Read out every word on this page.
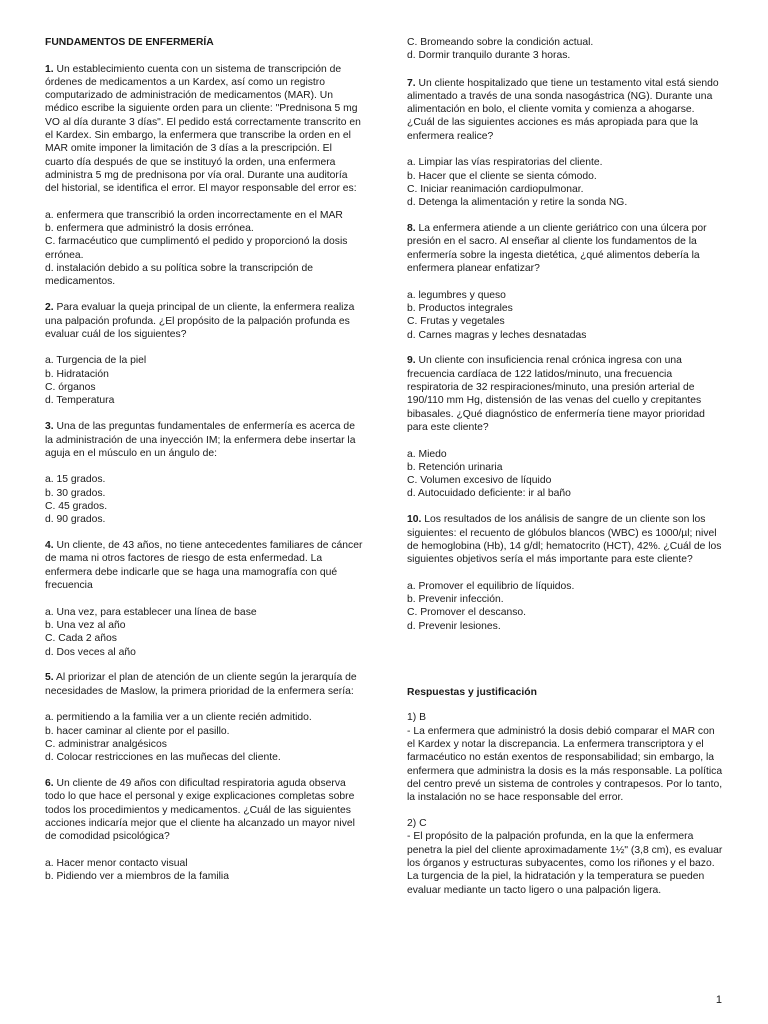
FUNDAMENTOS DE ENFERMERÍA

1. Un establecimiento cuenta con un sistema de transcripción de órdenes de medicamentos a un Kardex, así como un registro computarizado de administración de medicamentos (MAR). Un médico escribe la siguiente orden para un cliente: "Prednisona 5 mg VO al día durante 3 días". El pedido está correctamente transcrito en el Kardex. Sin embargo, la enfermera que transcribe la orden en el MAR omite imponer la limitación de 3 días a la prescripción. El cuarto día después de que se instituyó la orden, una enfermera administra 5 mg de prednisona por vía oral. Durante una auditoría del historial, se identifica el error. El mayor responsable del error es:

a. enfermera que transcribió la orden incorrectamente en el MAR

b. enfermera que administró la dosis errónea.

C. farmacéutico que cumplimentó el pedido y proporcionó la dosis errónea.

d. instalación debido a su política sobre la transcripción de medicamentos.

2. Para evaluar la queja principal de un cliente, la enfermera realiza una palpación profunda. ¿El propósito de la palpación profunda es evaluar cuál de los siguientes?

a. Turgencia de la piel

b. Hidratación

C. órganos

d. Temperatura

3. Una de las preguntas fundamentales de enfermería es acerca de la administración de una inyección IM; la enfermera debe insertar la aguja en el músculo en un ángulo de:

a. 15 grados.

b. 30 grados.

C. 45 grados.

d. 90 grados.

4. Un cliente, de 43 años, no tiene antecedentes familiares de cáncer de mama ni otros factores de riesgo de esta enfermedad. La enfermera debe indicarle que se haga una mamografía con qué frecuencia

a. Una vez, para establecer una línea de base

b. Una vez al año

C. Cada 2 años

d. Dos veces al año

5. Al priorizar el plan de atención de un cliente según la jerarquía de necesidades de Maslow, la primera prioridad de la enfermera sería:

a. permitiendo a la familia ver a un cliente recién admitido.

b. hacer caminar al cliente por el pasillo.

C. administrar analgésicos

d. Colocar restricciones en las muñecas del cliente.

6. Un cliente de 49 años con dificultad respiratoria aguda observa todo lo que hace el personal y exige explicaciones completas sobre todos los procedimientos y medicamentos. ¿Cuál de las siguientes acciones indicaría mejor que el cliente ha alcanzado un mayor nivel de comodidad psicológica?

a. Hacer menor contacto visual

b. Pidiendo ver a miembros de la familia

C. Bromeando sobre la condición actual.

d. Dormir tranquilo durante 3 horas.

7. Un cliente hospitalizado que tiene un testamento vital está siendo alimentado a través de una sonda nasogástrica (NG). Durante una alimentación en bolo, el cliente vomita y comienza a ahogarse. ¿Cuál de las siguientes acciones es más apropiada para que la enfermera realice?

a. Limpiar las vías respiratorias del cliente.

b. Hacer que el cliente se sienta cómodo.

C. Iniciar reanimación cardiopulmonar.

d. Detenga la alimentación y retire la sonda NG.

8. La enfermera atiende a un cliente geriátrico con una úlcera por presión en el sacro. Al enseñar al cliente los fundamentos de la enfermería sobre la ingesta dietética, ¿qué alimentos debería la enfermera planear enfatizar?

a. legumbres y queso

b. Productos integrales

C. Frutas y vegetales

d. Carnes magras y leches desnatadas

9. Un cliente con insuficiencia renal crónica ingresa con una frecuencia cardíaca de 122 latidos/minuto, una frecuencia respiratoria de 32 respiraciones/minuto, una presión arterial de 190/110 mm Hg, distensión de las venas del cuello y crepitantes bibasales. ¿Qué diagnóstico de enfermería tiene mayor prioridad para este cliente?

a. Miedo

b. Retención urinaria

C. Volumen excesivo de líquido

d. Autocuidado deficiente: ir al baño

10. Los resultados de los análisis de sangre de un cliente son los siguientes: el recuento de glóbulos blancos (WBC) es 1000/µl; nivel de hemoglobina (Hb), 14 g/dl; hematocrito (HCT), 42%. ¿Cuál de los siguientes objetivos sería el más importante para este cliente?

a. Promover el equilibrio de líquidos.

b. Prevenir infección.

C. Promover el descanso.

d. Prevenir lesiones.

Respuestas y justificación

1) B

- La enfermera que administró la dosis debió comparar el MAR con el Kardex y notar la discrepancia. La enfermera transcriptora y el farmacéutico no están exentos de responsabilidad; sin embargo, la enfermera que administra la dosis es la más responsable. La política del centro prevé un sistema de controles y contrapesos. Por lo tanto, la instalación no se hace responsable del error.

2) C

- El propósito de la palpación profunda, en la que la enfermera penetra la piel del cliente aproximadamente 1½" (3,8 cm), es evaluar los órganos y estructuras subyacentes, como los riñones y el bazo. La turgencia de la piel, la hidratación y la temperatura se pueden evaluar mediante un tacto ligero o una palpación ligera.

1
